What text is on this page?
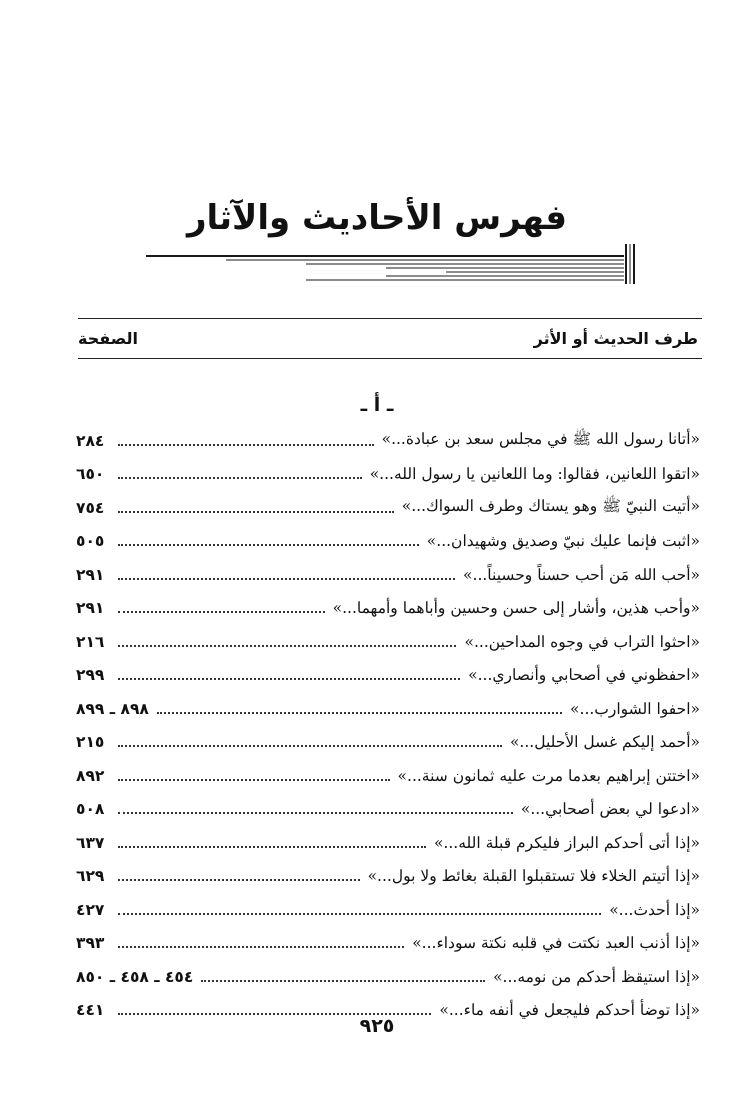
فهرس الأحاديث والآثار
طرف الحديث أو الأثر
الصفحة
ـ أ ـ
«أتانا رسول الله ﷺ في مجلس سعد بن عبادة...»
٢٨٤
«اتقوا اللعانين، فقالوا: وما اللعانين يا رسول الله...»
٦٥٠
«أتيت النبيّ ﷺ وهو يستاك وطرف السواك...»
٧٥٤
«اثبت فإنما عليك نبيّ وصديق وشهيدان...»
٥٠٥
«أحب الله مَن أحب حسناً وحسيناً...»
٢٩١
«وأحب هذين، وأشار إلى حسن وحسين وأباهما وأمهما...»
٢٩١
«احثوا التراب في وجوه المداحين...»
٢١٦
«احفظوني في أصحابي وأنصاري...»
٢٩٩
«احفوا الشوارب...»
٨٩٨ ـ ٨٩٩
«أحمد إليكم غسل الأحليل...»
٢١٥
«اختتن إبراهيم بعدما مرت عليه ثمانون سنة...»
٨٩٢
«ادعوا لي بعض أصحابي...»
٥٠٨
«إذا أتى أحدكم البراز فليكرم قبلة الله...»
٦٣٧
«إذا أتيتم الخلاء فلا تستقبلوا القبلة بغائط ولا بول...»
٦٢٩
«إذا أحدث...»
٤٢٧
«إذا أذنب العبد نكتت في قلبه نكتة سوداء...»
٣٩٣
«إذا استيقظ أحدكم من نومه...»
٤٥٤ ـ ٤٥٨ ـ ٨٥٠
«إذا توضأ أحدكم فليجعل في أنفه ماء...»
٤٤١
٩٢٥
